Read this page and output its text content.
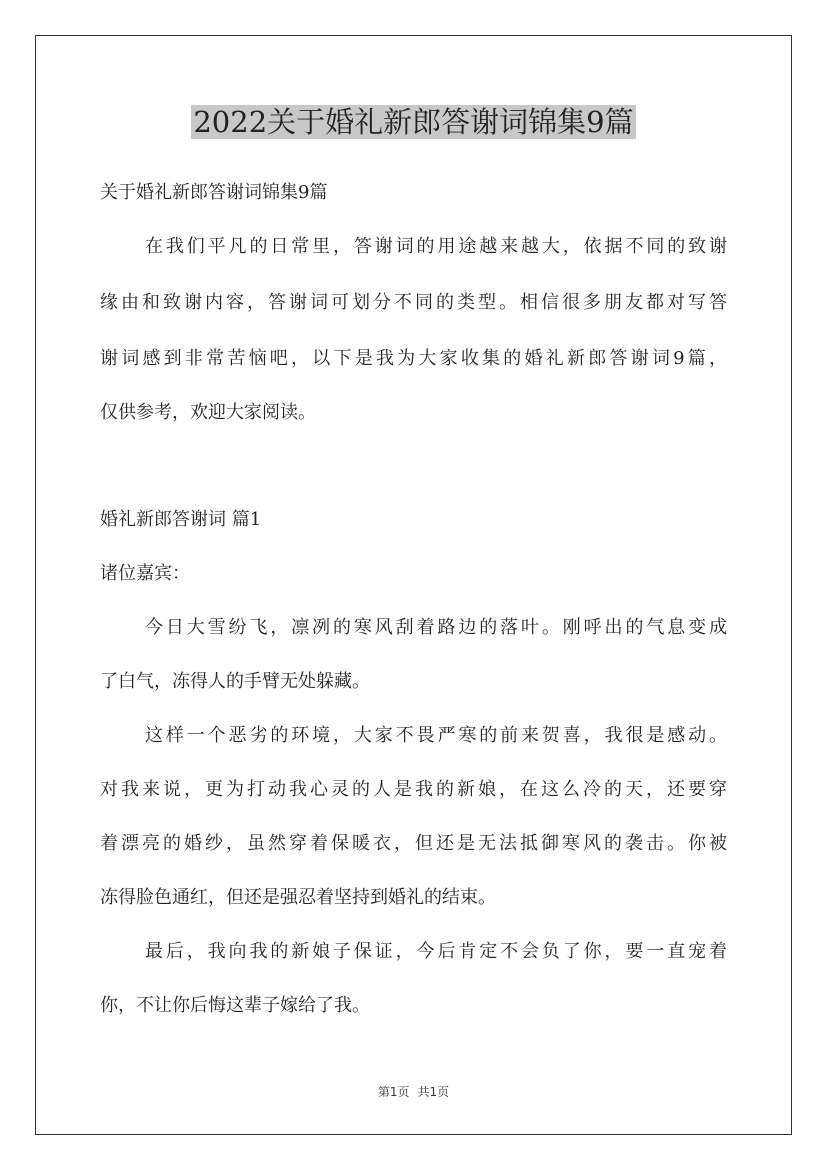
2022关于婚礼新郎答谢词锦集9篇

关于婚礼新郎答谢词锦集9篇

在我们平凡的日常里，答谢词的用途越来越大，依据不同的致谢

缘由和致谢内容，答谢词可划分不同的类型。相信很多朋友都对写答

谢词感到非常苦恼吧，以下是我为大家收集的婚礼新郎答谢词9篇，

仅供参考，欢迎大家阅读。

婚礼新郎答谢词 篇1

诸位嘉宾：

今日大雪纷飞，凛冽的寒风刮着路边的落叶。刚呼出的气息变成

了白气，冻得人的手臂无处躲藏。

这样一个恶劣的环境，大家不畏严寒的前来贺喜，我很是感动。

对我来说，更为打动我心灵的人是我的新娘，在这么冷的天，还要穿

着漂亮的婚纱，虽然穿着保暖衣，但还是无法抵御寒风的袭击。你被

冻得脸色通红，但还是强忍着坚持到婚礼的结束。

最后，我向我的新娘子保证，今后肯定不会负了你，要一直宠着

你，不让你后悔这辈子嫁给了我。

第1页 共1页
